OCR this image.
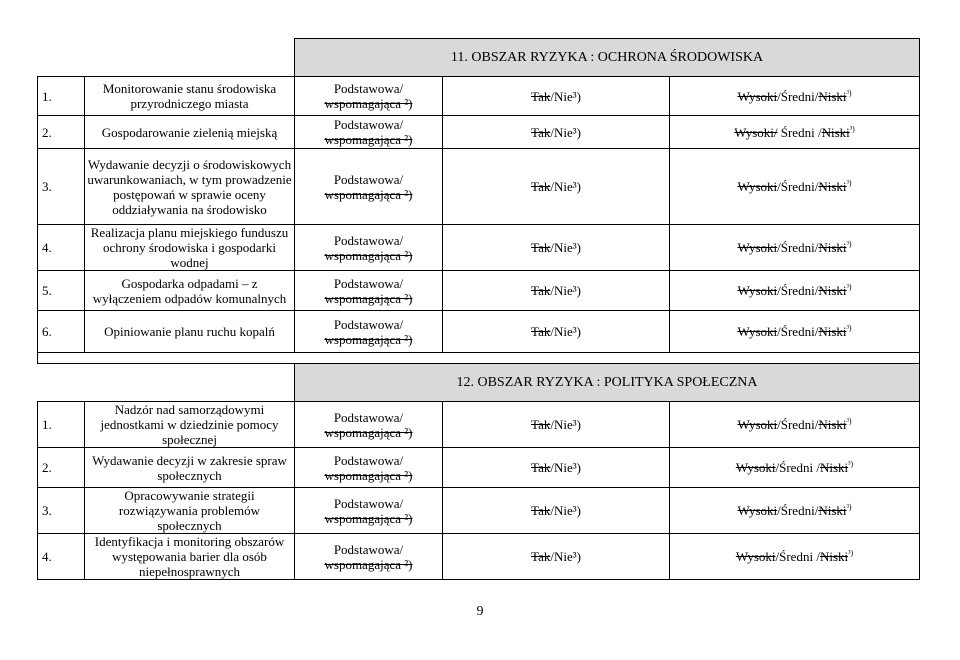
		11. OBSZAR RYZYKA : OCHRONA ŚRODOWISKA		
1.	Monitorowanie stanu środowiska przyrodniczego miasta	Podstawowa/
wspomagająca ²)	Tak/Nie³)	Wysoki/Średni/Niski$^{^3)}$
2.	Gospodarowanie zielenią miejską	Podstawowa/
wspomagająca ²)	Tak/Nie³)	Wysoki/ Średni /Niski$^{^3)}$
3.	Wydawanie decyzji o środowiskowych uwarunkowaniach, w tym prowadzenie postępowań w sprawie oceny oddziaływania na środowisko	Podstawowa/
wspomagająca ²)	Tak/Nie³)	Wysoki/Średni/Niski$^{^3)}$
4.	Realizacja planu miejskiego funduszu ochrony środowiska i gospodarki wodnej	Podstawowa/
wspomagająca ²)	Tak/Nie³)	Wysoki/Średni/Niski$^{^3)}$
5.	Gospodarka odpadami – z wyłączeniem odpadów komunalnych	Podstawowa/
wspomagająca ²)	Tak/Nie³)	Wysoki/Średni/Niski$^{^3)}$
6.	Opiniowanie planu ruchu kopalń	Podstawowa/
wspomagająca ²)	Tak/Nie³)	Wysoki/Średni/Niski$^{^3)}$

		12. OBSZAR RYZYKA : POLITYKA SPOŁECZNA		
1.	Nadzór nad samorządowymi jednostkami w dziedzinie pomocy społecznej	Podstawowa/
wspomagająca ²)	Tak/Nie³)	Wysoki/Średni/Niski$^{^3)}$
2.	Wydawanie decyzji w zakresie spraw społecznych	Podstawowa/
wspomagająca ²)	Tak/Nie³)	Wysoki/Średni /Niski$^{^3)}$
3.	Opracowywanie strategii rozwiązywania problemów społecznych	Podstawowa/
wspomagająca ²)	Tak/Nie³)	Wysoki/Średni/Niski$^{^3)}$
4.	Identyfikacja i monitoring obszarów występowania barier dla osób niepełnosprawnych	Podstawowa/
wspomagająca ²)	Tak/Nie³)	Wysoki/Średni /Niski$^{^3)}$
9
